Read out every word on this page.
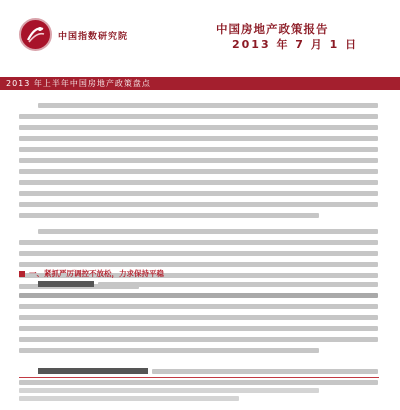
中国指数研究院
中国房地产政策报告
2013 年 7 月 1 日
2013 年上半年中国房地产政策盘点
一、紧抓严厉调控不放松，力求保持平稳
